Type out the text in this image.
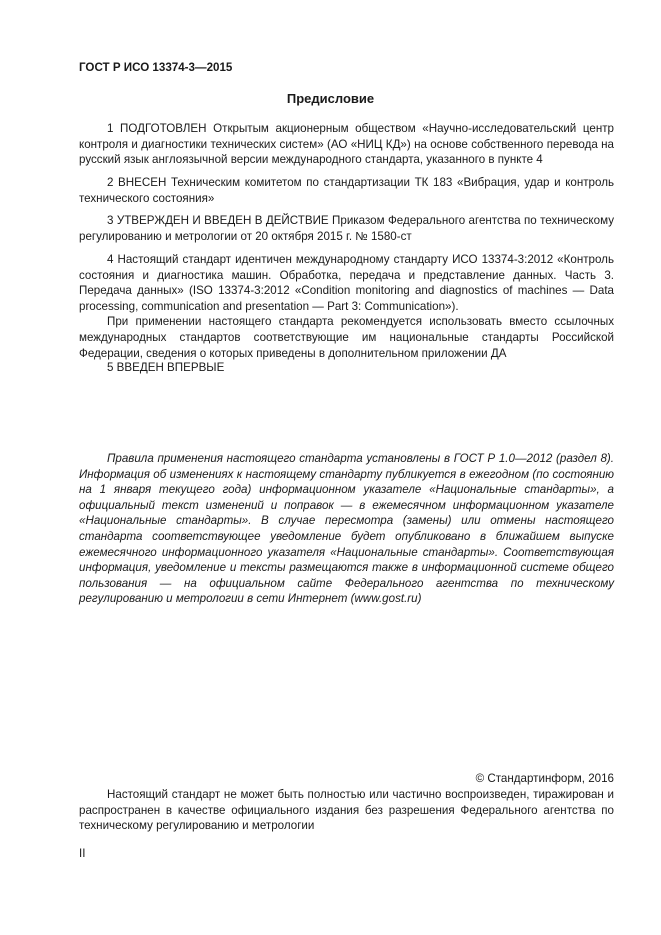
ГОСТ Р ИСО 13374-3—2015
Предисловие

1 ПОДГОТОВЛЕН Открытым акционерным обществом «Научно-исследовательский центр контроля и диагностики технических систем» (АО «НИЦ КД») на основе собственного перевода на русский язык англоязычной версии международного стандарта, указанного в пункте 4

2 ВНЕСЕН Техническим комитетом по стандартизации ТК 183 «Вибрация, удар и контроль технического состояния»

3 УТВЕРЖДЕН И ВВЕДЕН В ДЕЙСТВИЕ Приказом Федерального агентства по техническому регулированию и метрологии от 20 октября 2015 г. № 1580-ст

4 Настоящий стандарт идентичен международному стандарту ИСО 13374-3:2012 «Контроль состояния и диагностика машин. Обработка, передача и представление данных. Часть 3. Передача данных» (ISO 13374-3:2012 «Condition monitoring and diagnostics of machines — Data processing, communication and presentation — Part 3: Communication»).

При применении настоящего стандарта рекомендуется использовать вместо ссылочных международных стандартов соответствующие им национальные стандарты Российской Федерации, сведения о которых приведены в дополнительном приложении ДА

5 ВВЕДЕН ВПЕРВЫЕ

Правила применения настоящего стандарта установлены в ГОСТ Р 1.0—2012 (раздел 8). Информация об изменениях к настоящему стандарту публикуется в ежегодном (по состоянию на 1 января текущего года) информационном указателе «Национальные стандарты», а официальный текст изменений и поправок — в ежемесячном информационном указателе «Национальные стандарты». В случае пересмотра (замены) или отмены настоящего стандарта соответствующее уведомление будет опубликовано в ближайшем выпуске ежемесячного информационного указателя «Национальные стандарты». Соответствующая информация, уведомление и тексты размещаются также в информационной системе общего пользования — на официальном сайте Федерального агентства по техническому регулированию и метрологии в сети Интернет (www.gost.ru)

© Стандартинформ, 2016

Настоящий стандарт не может быть полностью или частично воспроизведен, тиражирован и распространен в качестве официального издания без разрешения Федерального агентства по техническому регулированию и метрологии

II
